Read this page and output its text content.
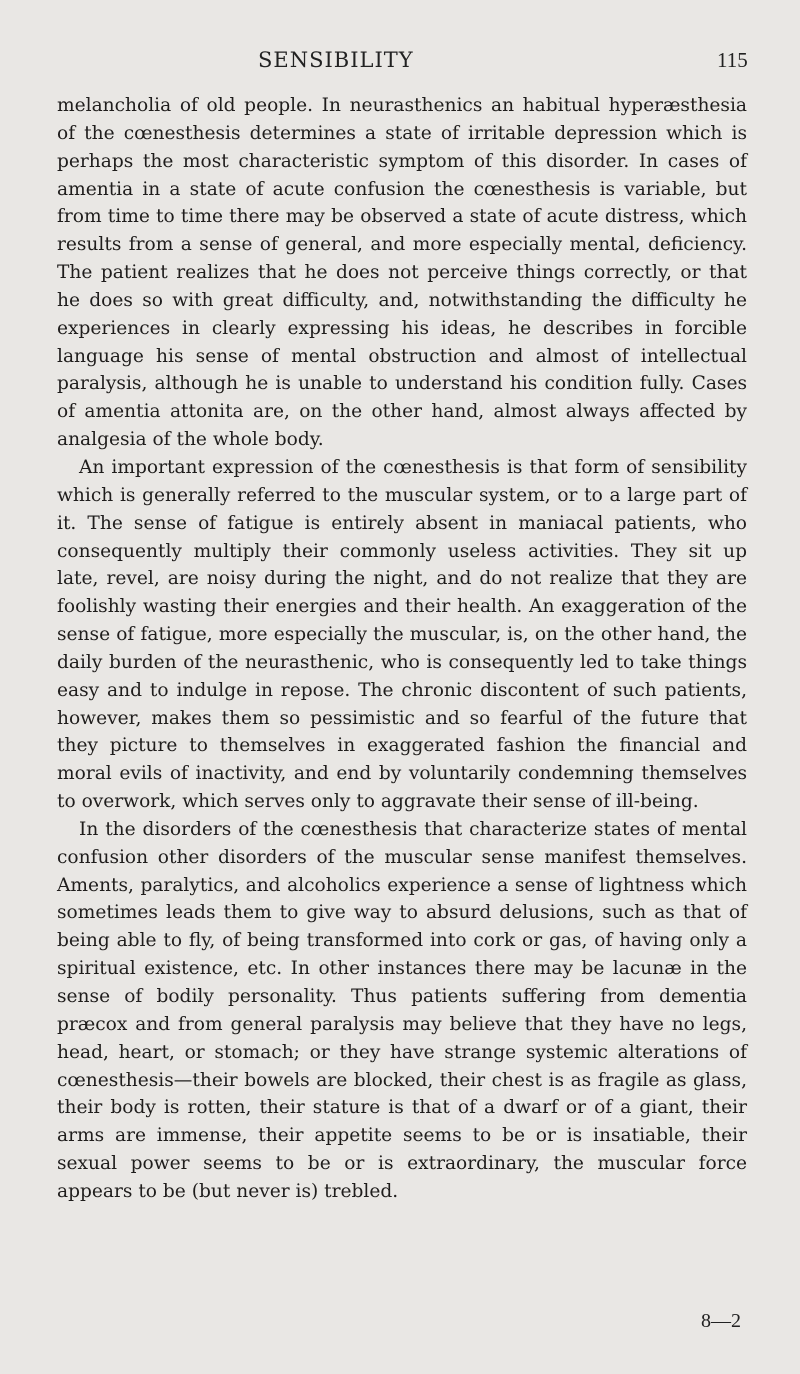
SENSIBILITY	115

melancholia of old people. In neurasthenics an habitual hyperæsthesia of the cœnesthesis determines a state of irritable depression which is perhaps the most characteristic symptom of this disorder. In cases of amentia in a state of acute confusion the cœnesthesis is variable, but from time to time there may be observed a state of acute distress, which results from a sense of general, and more especially mental, deficiency. The patient realizes that he does not perceive things correctly, or that he does so with great difficulty, and, notwithstanding the difficulty he experiences in clearly expressing his ideas, he describes in forcible language his sense of mental obstruction and almost of intellectual paralysis, although he is unable to understand his condition fully. Cases of amentia attonita are, on the other hand, almost always affected by analgesia of the whole body.

An important expression of the cœnesthesis is that form of sensibility which is generally referred to the muscular system, or to a large part of it. The sense of fatigue is entirely absent in maniacal patients, who consequently multiply their commonly useless activities. They sit up late, revel, are noisy during the night, and do not realize that they are foolishly wasting their energies and their health. An exaggeration of the sense of fatigue, more especially the muscular, is, on the other hand, the daily burden of the neurasthenic, who is consequently led to take things easy and to indulge in repose. The chronic discontent of such patients, however, makes them so pessimistic and so fearful of the future that they picture to themselves in exaggerated fashion the financial and moral evils of inactivity, and end by voluntarily condemning themselves to overwork, which serves only to aggravate their sense of ill-being.

In the disorders of the cœnesthesis that characterize states of mental confusion other disorders of the muscular sense manifest themselves. Aments, paralytics, and alcoholics experience a sense of lightness which sometimes leads them to give way to absurd delusions, such as that of being able to fly, of being transformed into cork or gas, of having only a spiritual existence, etc. In other instances there may be lacunæ in the sense of bodily personality. Thus patients suffering from dementia præcox and from general paralysis may believe that they have no legs, head, heart, or stomach; or they have strange systemic alterations of cœnesthesis—their bowels are blocked, their chest is as fragile as glass, their body is rotten, their stature is that of a dwarf or of a giant, their arms are immense, their appetite seems to be or is insatiable, their sexual power seems to be or is extraordinary, the muscular force appears to be (but never is) trebled.

8—2
